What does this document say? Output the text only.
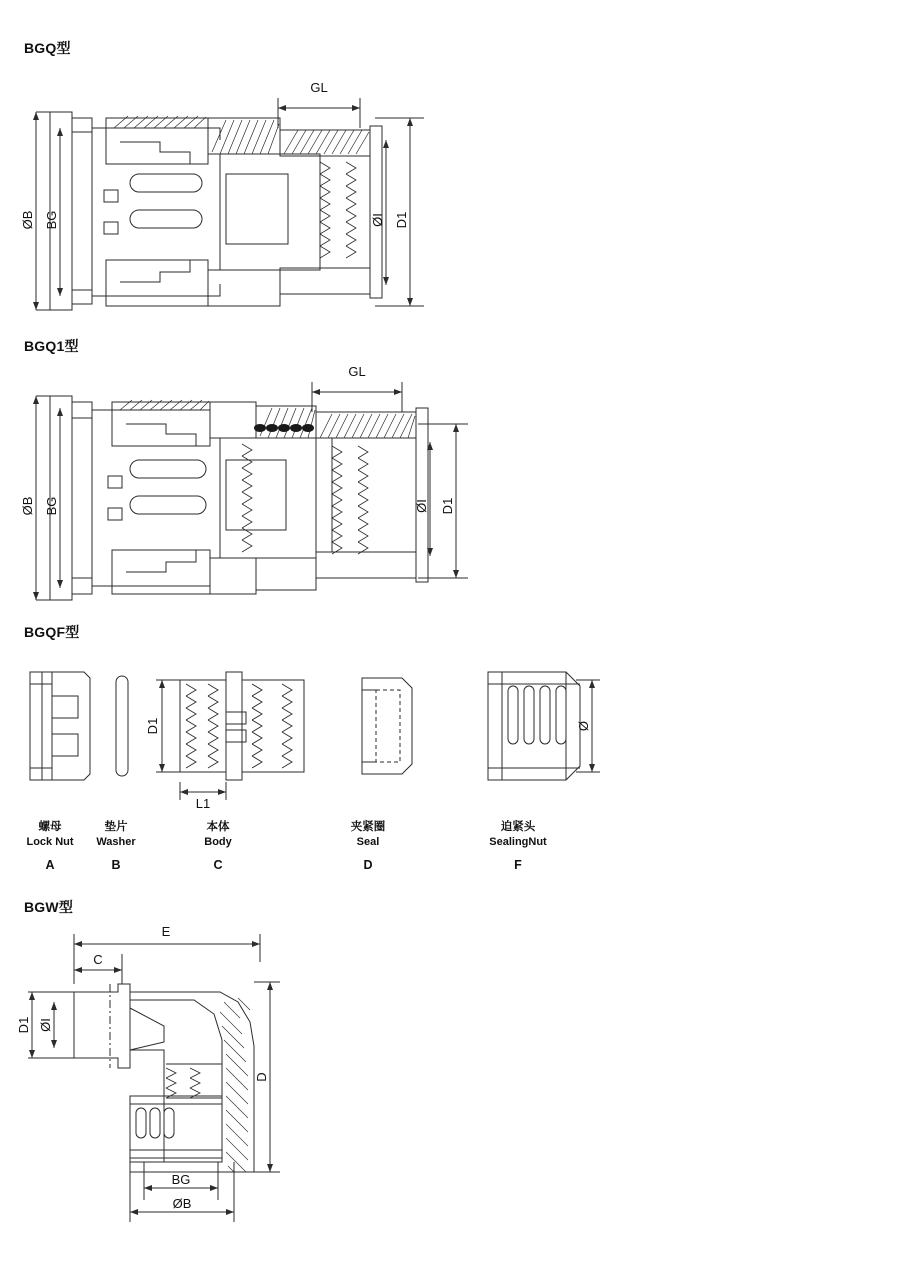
BGQ型
GL
ØB BG	ØI D1
BGQ1型
GL
ØB BG	ØI D1
BGQF型
D1
L1
Ø
螺母
Lock Nut
A
垫片
Washer
B
本体
Body
C
夹紧圈
Seal
D
迫紧头
SealingNut
F
BGW型
E
C
D1 ØI
D
BG
ØB
